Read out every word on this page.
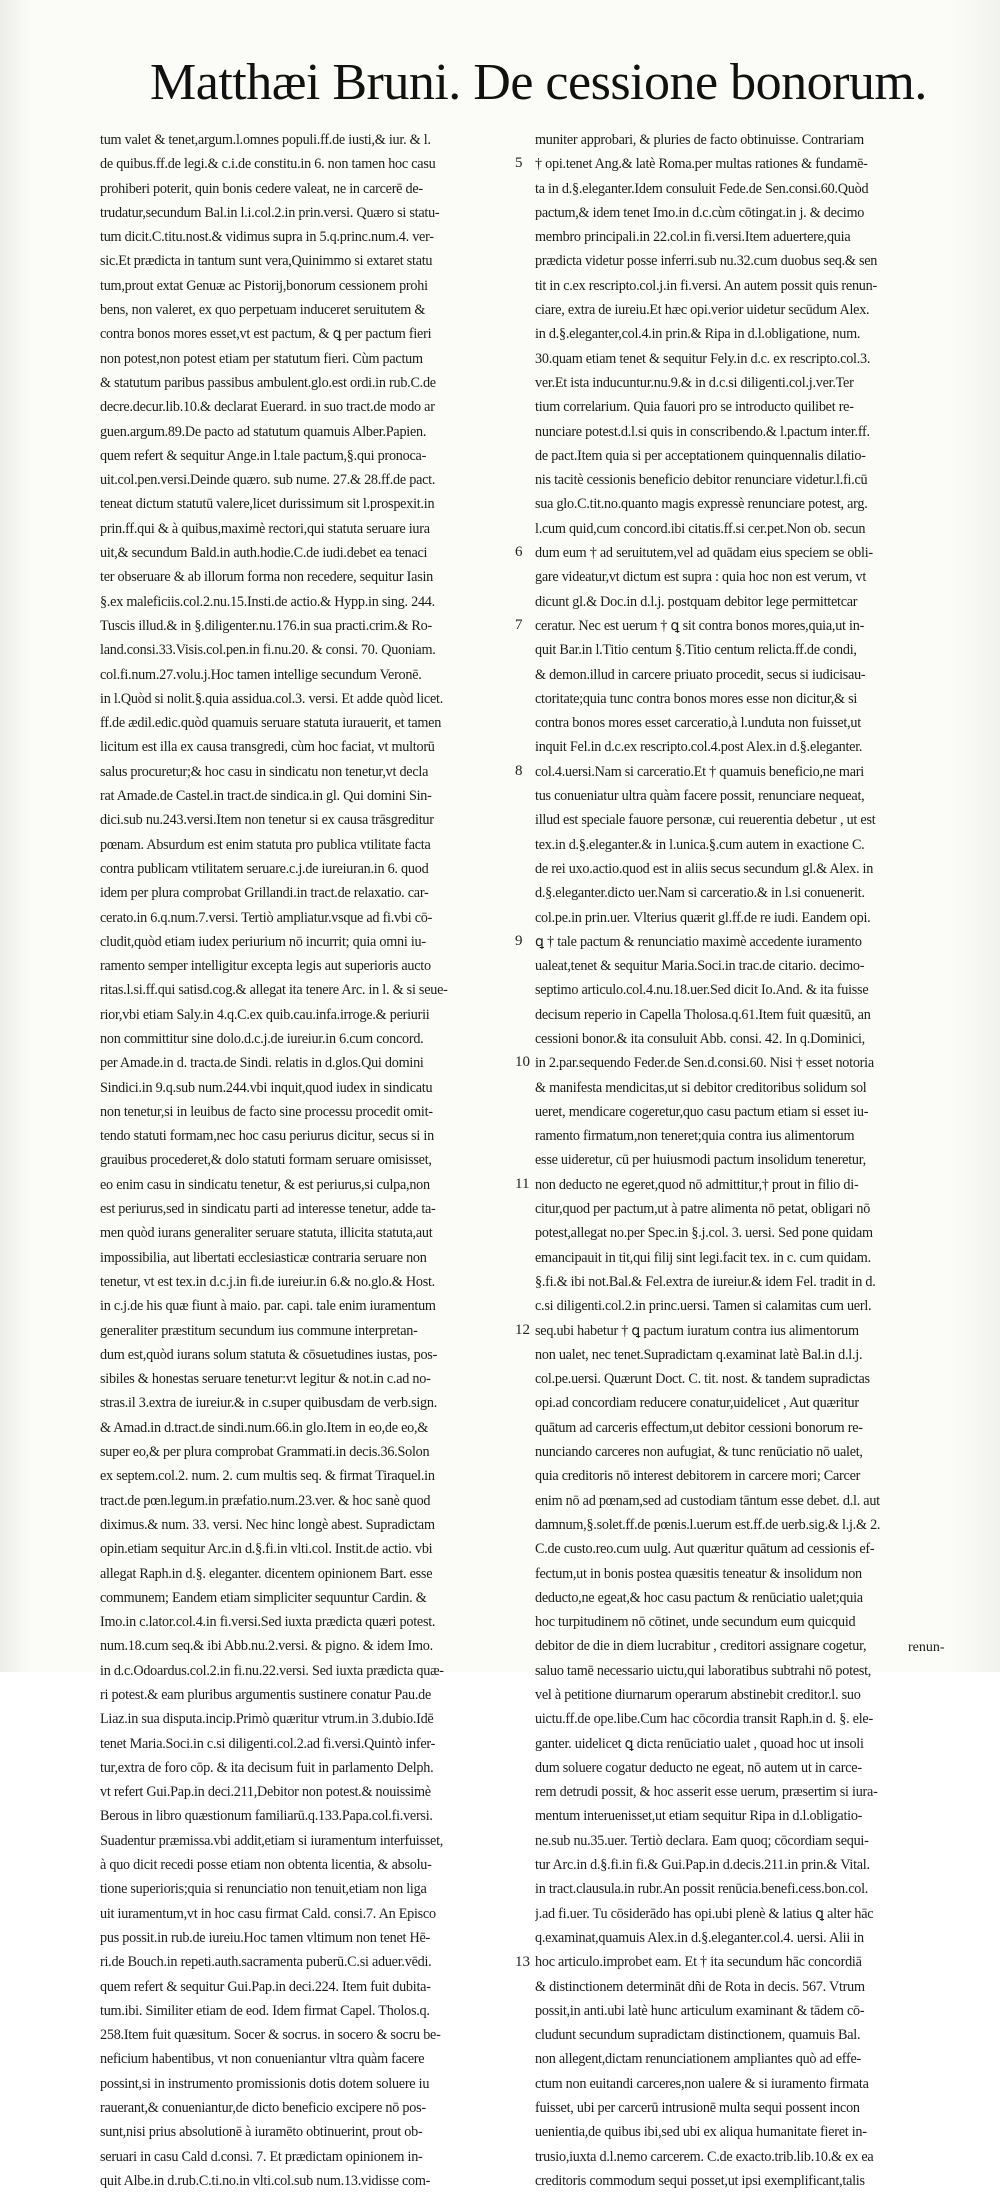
Matthæi Bruni. De cessione bonorum.
tum valet & tenet,argum.l.omnes populi.ff.de iusti,& iur. & l.
de quibus.ff.de legi.& c.i.de constitu.in 6. non tamen hoc casu
prohiberi poterit, quin bonis cedere valeat, ne in carcerē de-
trudatur,secundum Bal.in l.i.col.2.in prin.versi. Quæro si statu-
tum dicit.C.titu.nost.& vidimus supra in 5.q.princ.num.4. ver-
sic.Et prædicta in tantum sunt vera,Quinimmo si extaret statu
tum,prout extat Genuæ ac Pistorij,bonorum cessionem prohi
bens, non valeret, ex quo perpetuam induceret seruitutem &
contra bonos mores esset,vt est pactum, & ꝗ per pactum fieri
non potest,non potest etiam per statutum fieri. Cùm pactum
& statutum paribus passibus ambulent.glo.est ordi.in rub.C.de
decre.decur.lib.10.& declarat Euerard. in suo tract.de modo ar
guen.argum.89.De pacto ad statutum quamuis Alber.Papien.
quem refert & sequitur Ange.in l.tale pactum,§.qui pronoca-
uit.col.pen.versi.Deinde quæro. sub nume. 27.& 28.ff.de pact.
teneat dictum statutū valere,licet durissimum sit l.prospexit.in
prin.ff.qui & à quibus,maximè rectori,qui statuta seruare iura
uit,& secundum Bald.in auth.hodie.C.de iudi.debet ea tenaci
ter obseruare & ab illorum forma non recedere, sequitur Iasin
§.ex maleficiis.col.2.nu.15.Insti.de actio.& Hypp.in sing. 244.
Tuscis illud.& in §.diligenter.nu.176.in sua practi.crim.& Ro-
land.consi.33.Visis.col.pen.in fi.nu.20. & consi. 70. Quoniam.
col.fi.num.27.volu.j.Hoc tamen intellige secundum Veronē.
in l.Quòd si nolit.§.quia assidua.col.3. versi. Et adde quòd licet.
ff.de ædil.edic.quòd quamuis seruare statuta iurauerit, et tamen
licitum est illa ex causa transgredi, cùm hoc faciat, vt multorū
salus procuretur;& hoc casu in sindicatu non tenetur,vt decla
rat Amade.de Castel.in tract.de sindica.in gl. Qui domini Sin-
dici.sub nu.243.versi.Item non tenetur si ex causa trāsgreditur
pœnam. Absurdum est enim statuta pro publica vtilitate facta
contra publicam vtilitatem seruare.c.j.de iureiuran.in 6. quod
idem per plura comprobat Grillandi.in tract.de relaxatio. car-
cerato.in 6.q.num.7.versi. Tertiò ampliatur.vsque ad fi.vbi cō-
cludit,quòd etiam iudex periurium nō incurrit; quia omni iu-
ramento semper intelligitur excepta legis aut superioris aucto
ritas.l.si.ff.qui satisd.cog.& allegat ita tenere Arc. in l. & si seue-
rior,vbi etiam Saly.in 4.q.C.ex quib.cau.infa.irroge.& periurii
non committitur sine dolo.d.c.j.de iureiur.in 6.cum concord.
per Amade.in d. tracta.de Sindi. relatis in d.glos.Qui domini
Sindici.in 9.q.sub num.244.vbi inquit,quod iudex in sindicatu
non tenetur,si in leuibus de facto sine processu procedit omit-
tendo statuti formam,nec hoc casu periurus dicitur, secus si in
grauibus procederet,& dolo statuti formam seruare omisisset,
eo enim casu in sindicatu tenetur, & est periurus,si culpa,non
est periurus,sed in sindicatu parti ad interesse tenetur, adde ta-
men quòd iurans generaliter seruare statuta, illicita statuta,aut
impossibilia, aut libertati ecclesiasticæ contraria seruare non
tenetur, vt est tex.in d.c.j.in fi.de iureiur.in 6.& no.glo.& Host.
in c.j.de his quæ fiunt à maio. par. capi. tale enim iuramentum
generaliter præstitum secundum ius commune interpretan-
dum est,quòd iurans solum statuta & cōsuetudines iustas, pos-
sibiles & honestas seruare tenetur:vt legitur & not.in c.ad no-
stras.il 3.extra de iureiur.& in c.super quibusdam de verb.sign.
& Amad.in d.tract.de sindi.num.66.in glo.Item in eo,de eo,&
super eo,& per plura comprobat Grammati.in decis.36.Solon
ex septem.col.2. num. 2. cum multis seq. & firmat Tiraquel.in
tract.de pœn.legum.in præfatio.num.23.ver. & hoc sanè quod
diximus.& num. 33. versi. Nec hinc longè abest. Supradictam
opin.etiam sequitur Arc.in d.§.fi.in vlti.col. Instit.de actio. vbi
allegat Raph.in d.§. eleganter. dicentem opinionem Bart. esse
communem; Eandem etiam simpliciter sequuntur Cardin. &
Imo.in c.lator.col.4.in fi.versi.Sed iuxta prædicta quæri potest.
num.18.cum seq.& ibi Abb.nu.2.versi. & pigno. & idem Imo.
in d.c.Odoardus.col.2.in fi.nu.22.versi. Sed iuxta prædicta quæ-
ri potest.& eam pluribus argumentis sustinere conatur Pau.de
Liaz.in sua disputa.incip.Primò quæritur vtrum.in 3.dubio.Idē
tenet Maria.Soci.in c.si diligenti.col.2.ad fi.versi.Quintò infer-
tur,extra de foro cōp. & ita decisum fuit in parlamento Delph.
vt refert Gui.Pap.in deci.211,Debitor non potest.& nouissimè
Berous in libro quæstionum familiarū.q.133.Papa.col.fi.versi.
Suadentur præmissa.vbi addit,etiam si iuramentum interfuisset,
à quo dicit recedi posse etiam non obtenta licentia, & absolu-
tione superioris;quia si renunciatio non tenuit,etiam non liga
uit iuramentum,vt in hoc casu firmat Cald. consi.7. An Episco
pus possit.in rub.de iureiu.Hoc tamen vltimum non tenet Hē-
ri.de Bouch.in repeti.auth.sacramenta puberū.C.si aduer.vēdi.
quem refert & sequitur Gui.Pap.in deci.224. Item fuit dubita-
tum.ibi. Similiter etiam de eod. Idem firmat Capel. Tholos.q.
258.Item fuit quæsitum. Socer & socrus. in socero & socru be-
neficium habentibus, vt non conueniantur vltra quàm facere
possint,si in instrumento promissionis dotis dotem soluere iu
rauerant,& conueniantur,de dicto beneficio excipere nō pos-
sunt,nisi prius absolutionē à iuramēto obtinuerint, prout ob-
seruari in casu Cald d.consi. 7. Et prædictam opinionem in-
quit Albe.in d.rub.C.ti.no.in vlti.col.sub num.13.vidisse com-
muniter approbari, & pluries de facto obtinuisse. Contrariam
† opi.tenet Ang.& latè Roma.per multas rationes & fundamē-
ta in d.§.eleganter.Idem consuluit Fede.de Sen.consi.60.Quòd
pactum,& idem tenet Imo.in d.c.cùm cōtingat.in j. & decimo
membro principali.in 22.col.in fi.versi.Item aduertere,quia
prædicta videtur posse inferri.sub nu.32.cum duobus seq.& sen
tit in c.ex rescripto.col.j.in fi.versi. An autem possit quis renun-
ciare, extra de iureiu.Et hæc opi.verior uidetur secūdum Alex.
in d.§.eleganter,col.4.in prin.& Ripa in d.l.obligatione, num.
30.quam etiam tenet & sequitur Fely.in d.c. ex rescripto.col.3.
ver.Et ista inducuntur.nu.9.& in d.c.si diligenti.col.j.ver.Ter
tium correlarium. Quia fauori pro se introducto quilibet re-
nunciare potest.d.l.si quis in conscribendo.& l.pactum inter.ff.
de pact.Item quia si per acceptationem quinquennalis dilatio-
nis tacitè cessionis beneficio debitor renunciare videtur.l.fi.cū
sua glo.C.tit.no.quanto magis expressè renunciare potest, arg.
l.cum quid,cum concord.ibi citatis.ff.si cer.pet.Non ob. secun
dum eum † ad seruitutem,vel ad quādam eius speciem se obli-
gare videatur,vt dictum est supra : quia hoc non est verum, vt
dicunt gl.& Doc.in d.l.j. postquam debitor lege permittetcar
ceratur. Nec est uerum † ꝗ sit contra bonos mores,quia,ut in-
quit Bar.in l.Titio centum §.Titio centum relicta.ff.de condi,
& demon.illud in carcere priuato procedit, secus si iudicisau-
ctoritate;quia tunc contra bonos mores esse non dicitur,& si
contra bonos mores esset carceratio,à l.unduta non fuisset,ut
inquit Fel.in d.c.ex rescripto.col.4.post Alex.in d.§.eleganter.
col.4.uersi.Nam si carceratio.Et † quamuis beneficio,ne mari
tus conueniatur ultra quàm facere possit, renunciare nequeat,
illud est speciale fauore personæ, cui reuerentia debetur , ut est
tex.in d.§.eleganter.& in l.unica.§.cum autem in exactione C.
de rei uxo.actio.quod est in aliis secus secundum gl.& Alex. in
d.§.eleganter.dicto uer.Nam si carceratio.& in l.si conuenerit.
col.pe.in prin.uer. Vlterius quærit gl.ff.de re iudi. Eandem opi.
ꝗ † tale pactum & renunciatio maximè accedente iuramento
ualeat,tenet & sequitur Maria.Soci.in trac.de citario. decimo-
septimo articulo.col.4.nu.18.uer.Sed dicit Io.And. & ita fuisse
decisum reperio in Capella Tholosa.q.61.Item fuit quæsitū, an
cessioni bonor.& ita consuluit Abb. consi. 42. In q.Dominici,
in 2.par.sequendo Feder.de Sen.d.consi.60. Nisi † esset notoria
& manifesta mendicitas,ut si debitor creditoribus solidum sol
ueret, mendicare cogeretur,quo casu pactum etiam si esset iu-
ramento firmatum,non teneret;quia contra ius alimentorum
esse uideretur, cū per huiusmodi pactum insolidum teneretur,
non deducto ne egeret,quod nō admittitur,† prout in filio di-
citur,quod per pactum,ut à patre alimenta nō petat, obligari nō
potest,allegat no.per Spec.in §.j.col. 3. uersi. Sed pone quidam
emancipauit in tit,qui filij sint legi.facit tex. in c. cum quidam.
§.fi.& ibi not.Bal.& Fel.extra de iureiur.& idem Fel. tradit in d.
c.si diligenti.col.2.in princ.uersi. Tamen si calamitas cum uerl.
seq.ubi habetur † ꝗ pactum iuratum contra ius alimentorum
non ualet, nec tenet.Supradictam q.examinat latè Bal.in d.l.j.
col.pe.uersi. Quærunt Doct. C. tit. nost. & tandem supradictas
opi.ad concordiam reducere conatur,uidelicet , Aut quæritur
quātum ad carceris effectum,ut debitor cessioni bonorum re-
nunciando carceres non aufugiat, & tunc renūciatio nō ualet,
quia creditoris nō interest debitorem in carcere mori; Carcer
enim nō ad pœnam,sed ad custodiam tāntum esse debet. d.l. aut
damnum,§.solet.ff.de pœnis.l.uerum est.ff.de uerb.sig.& l.j.& 2.
C.de custo.reo.cum uulg. Aut quæritur quātum ad cessionis ef-
fectum,ut in bonis postea quæsitis teneatur & insolidum non
deducto,ne egeat,& hoc casu pactum & renūciatio ualet;quia
hoc turpitudinem nō cōtinet, unde secundum eum quicquid
debitor de die in diem lucrabitur , creditori assignare cogetur,
saluo tamē necessario uictu,qui laboratibus subtrahi nō potest,
vel à petitione diurnarum operarum abstinebit creditor.l. suo
uictu.ff.de ope.libe.Cum hac cōcordia transit Raph.in d. §. ele-
ganter. uidelicet ꝗ dicta renūciatio ualet , quoad hoc ut insoli
dum soluere cogatur deducto ne egeat, nō autem ut in carce-
rem detrudi possit, & hoc asserit esse uerum, præsertim si iura-
mentum interuenisset,ut etiam sequitur Ripa in d.l.obligatio-
ne.sub nu.35.uer. Tertiò declara. Eam quoq; cōcordiam sequi-
tur Arc.in d.§.fi.in fi.& Gui.Pap.in d.decis.211.in prin.& Vital.
in tract.clausula.in rubr.An possit renūcia.benefi.cess.bon.col.
j.ad fi.uer. Tu cōsiderādo has opi.ubi plenè & latius ꝗ alter hāc
q.examinat,quamuis Alex.in d.§.eleganter.col.4. uersi. Alii in
hoc articulo.improbet eam. Et † ita secundum hāc concordiā
& distinctionem determināt dñi de Rota in decis. 567. Vtrum
possit,in anti.ubi latè hunc articulum examinant & tādem cō-
cludunt secundum supradictam distinctionem, quamuis Bal.
non allegent,dictam renunciationem ampliantes quò ad effe-
ctum non euitandi carceres,non ualere & si iuramento firmata
fuisset, ubi per carcerū intrusionē multa sequi possent incon
uenientia,de quibus ibi,sed ubi ex aliqua humanitate fieret in-
trusio,iuxta d.l.nemo carcerem. C.de exacto.trib.lib.10.& ex ea
creditoris commodum sequi posset,ut ipsi exemplificant,talis
5
6
7
8
9
10
11
12
13
renun-
